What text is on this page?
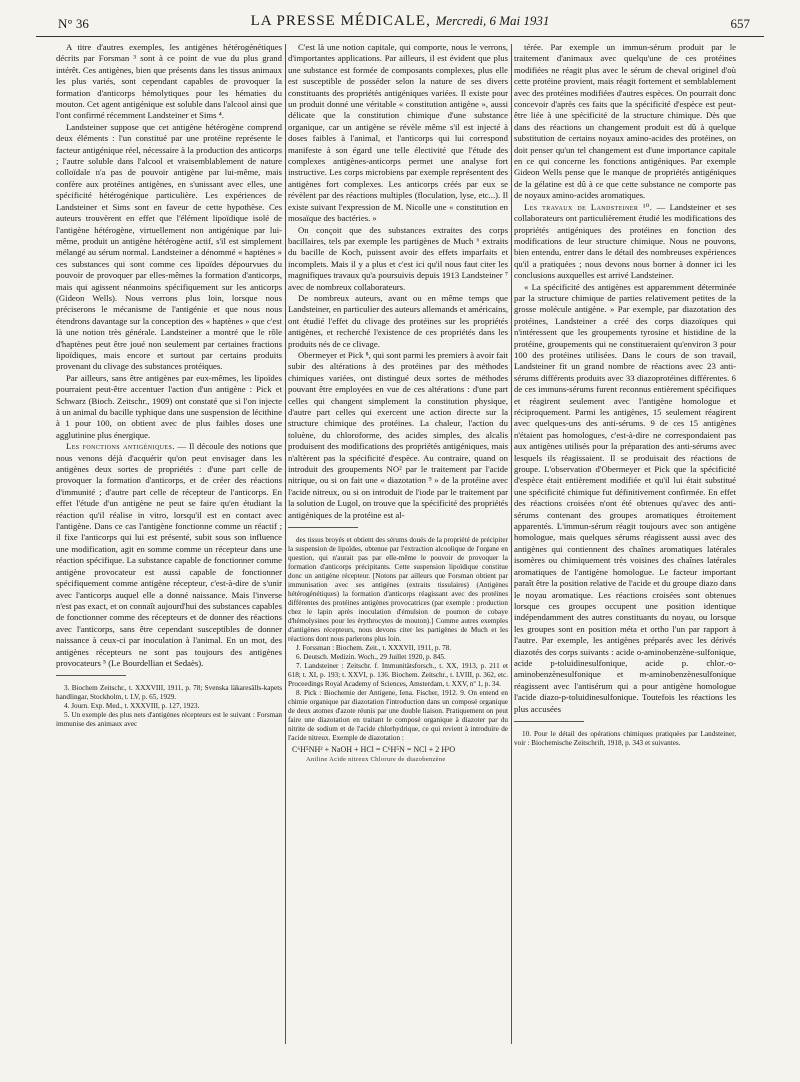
N° 36	LA PRESSE MÉDICALE, Mercredi, 6 Mai 1931	657

A titre d'autres exemples, les antigènes hétérogénétiques décrits par Forsman ³ sont à ce point de vue du plus grand intérêt. Ces antigènes, bien que présents dans les tissus animaux les plus variés, sont cependant capables de provoquer la formation d'anticorps hémolytiques pour les hématies du mouton. Cet agent antigénique est soluble dans l'alcool ainsi que l'ont confirmé récemment Landsteiner et Sims ⁴.

Landsteiner suppose que cet antigène hétérogène comprend deux éléments : l'un constitué par une protéine représente le facteur antigénique réel, nécessaire à la production des anticorps ; l'autre soluble dans l'alcool et vraisemblablement de nature colloïdale n'a pas de pouvoir antigène par lui-même, mais confère aux protéines antigènes, en s'unissant avec elles, une spécificité hétérogénique particulière. Les expériences de Landsteiner et Sims sont en faveur de cette hypothèse. Ces auteurs trouvèrent en effet que l'élément lipoïdique isolé de l'antigène hétérogène, virtuellement non antigénique par lui-même, produit un antigène hétérogène actif, s'il est simplement mélangé au sérum normal. Landsteiner a dénommé « haptènes » ces substances qui sont comme ces lipoïdes dépourvues du pouvoir de provoquer par elles-mêmes la formation d'anticorps, mais qui agissent néanmoins spécifiquement sur les anticorps (Gideon Wells). Nous verrons plus loin, lorsque nous préciserons le mécanisme de l'antigénie et que nous nous étendrons davantage sur la conception des « haptènes » que c'est là une notion très générale. Landsteiner a montré que le rôle d'haptènes peut être joué non seulement par certaines fractions lipoïdiques, mais encore et surtout par certains produits provenant du clivage des substances protéiques.

Par ailleurs, sans être antigènes par eux-mêmes, les lipoïdes pourraient peut-être accentuer l'action d'un antigène : Pick et Schwarz (Bioch. Zeitschr., 1909) ont constaté que si l'on injecte à un animal du bacille typhique dans une suspension de lécithine à 1 pour 100, on obtient avec de plus faibles doses une agglutinine plus énergique.

Les fonctions antigéniques. — Il découle des notions que nous venons déjà d'acquérir qu'on peut envisager dans les antigènes deux sortes de propriétés : d'une part celle de provoquer la formation d'anticorps, et de créer des réactions d'immunité ; d'autre part celle de récepteur de l'anticorps. En effet l'étude d'un antigène ne peut se faire qu'en étudiant la réaction qu'il réalise in vitro, lorsqu'il est en contact avec l'antigène. Dans ce cas l'antigène fonctionne comme un réactif ; il fixe l'anticorps qui lui est présenté, subit sous son influence une modification, agit en somme comme un récepteur dans une réaction spécifique. La substance capable de fonctionner comme antigène provocateur est aussi capable de fonctionner spécifiquement comme antigène récepteur, c'est-à-dire de s'unir avec l'anticorps auquel elle a donné naissance. Mais l'inverse n'est pas exact, et on connaît aujourd'hui des substances capables de fonctionner comme des récepteurs et de donner des réactions avec l'anticorps, sans être cependant susceptibles de donner naissance à ceux-ci par inoculation à l'animal. En un mot, des antigènes récepteurs ne sont pas toujours des antigènes provocateurs ⁵ (Le Bourdellian et Sedaès).

3. Biochem Zeitschr., t. XXXVIII, 1911, p. 78; Svenska läkaresälls-kapets handlingar, Stockholm, t. LV, p. 65, 1929.

4. Journ. Exp. Med., t. XXXVIII, p. 127, 1923.

5. Un exemple des plus nets d'antigènes récepteurs est le suivant : Forsman immunise des animaux avec

C'est là une notion capitale, qui comporte, nous le verrons, d'importantes applications. Par ailleurs, il est évident que plus une substance est formée de composants complexes, plus elle est susceptible de posséder selon la nature de ses divers constituants des propriétés antigéniques variées. Il existe pour un produit donné une véritable « constitution antigène », aussi délicate que la constitution chimique d'une substance organique, car un antigène se révèle même s'il est injecté à doses faibles à l'animal, et l'anticorps qui lui correspond manifeste à son égard une telle électivité que l'étude des complexes antigènes-anticorps permet une analyse fort instructive. Les corps microbiens par exemple représentent des antigènes fort complexes. Les anticorps créés par eux se révèlent par des réactions multiples (floculation, lyse, etc...). Il existe suivant l'expression de M. Nicolle une « constitution en mosaïque des bactéries. »

On conçoit que des substances extraites des corps bacillaires, tels par exemple les partigènes de Much ⁶ extraits du bacille de Koch, puissent avoir des effets imparfaits et incomplets. Mais il y a plus et c'est ici qu'il nous faut citer les magnifiques travaux qu'a poursuivis depuis 1913 Landsteiner ⁷ avec de nombreux collaborateurs.

De nombreux auteurs, avant ou en même temps que Landsteiner, en particulier des auteurs allemands et américains, ont étudié l'effet du clivage des protéines sur les propriétés antigènes, et recherché l'existence de ces propriétés dans les produits nés de ce clivage.

Obermeyer et Pick ⁸, qui sont parmi les premiers à avoir fait subir des altérations à des protéines par des méthodes chimiques variées, ont distingué deux sortes de méthodes pouvant être employées en vue de ces altérations : d'une part celles qui changent simplement la constitution physique, d'autre part celles qui exercent une action directe sur la structure chimique des protéines. La chaleur, l'action du toluène, du chloroforme, des acides simples, des alcalis produisent des modifications des propriétés antigéniques, mais n'altèrent pas la spécificité d'espèce. Au contraire, quand on introduit des groupements NO² par le traitement par l'acide nitrique, ou si on fait une « diazotation ⁹ » de la protéine avec l'acide nitreux, ou si on introduit de l'iode par le traitement par la solution de Lugol, on trouve que la spécificité des propriétés antigéniques de la protéine est al-

des tissus broyés et obtient des sérums doués de la propriété de précipiter la suspension de lipoïdes, obtenue par l'extraction alcoolique de l'organe en question, qui n'aurait pas par elle-même le pouvoir de provoquer la formation d'anticorps précipitants. Cette suspension lipoïdique constitue donc un antigène récepteur. [Notons par ailleurs que Forsman obtient par immunisation avec ses antigènes (extraits tissulaires) (Antigènes hétérogénétiques) la formation d'anticorps réagissant avec des protéines différentes des protéines antigènes provocatrices (par exemple : production chez le lapin après inoculation d'émulsion de poumon de cobaye d'hémolysines pour les érythrocytes de mouton).] Comme autres exemples d'antigènes récepteurs, nous devons citer les partigènes de Much et les réactions dont nous parlerons plus loin.

J. Forssman : Biochem. Zeit., t. XXXVII, 1911, p. 78.

6. Deutsch. Medizin. Woch., 29 Juillet 1920, p. 845.

7. Landsteiner : Zeitschr. f. Immunitätsforsch., t. XX, 1913, p. 211 et 618; t. XI, p. 193; t. XXVI, p. 136. Biochem. Zeitschr., t. LVIII, p. 362, etc. Proceedings Royal Academy of Sciences, Amsterdam, t. XXV, nº 1, p. 34.

8. Pick : Biochemie der Antigene, Iena. Fischer, 1912. 9. On entend en chimie organique par diazotation l'introduction dans un composé organique de deux atomes d'azote réunis par une double liaison. Pratiquement on peut faire une diazotation en traitant le composé organique à diazoter par du nitrite de sodium et de l'acide chlorhydrique, ce qui revient à introduire de l'acide nitreux. Exemple de diazotation :

C⁶H⁵NH² + NaOH + HCl = C⁶H⁵N = NCl + 2 H²O
Aniline Acide nitreux Chlorure de diazobenzène

térée. Par exemple un immun-sérum produit par le traitement d'animaux avec quelqu'une de ces protéines modifiées ne réagit plus avec le sérum de cheval originel d'où cette protéine provient, mais réagit fortement et semblablement avec des protéines modifiées d'autres espèces. On pourrait donc concevoir d'après ces faits que la spécificité d'espèce est peut-être liée à une spécificité de la structure chimique. Dès que dans des réactions un changement produit est dû à quelque substitution de certains noyaux amino-acides des protéines, on doit penser qu'un tel changement est d'une importance capitale en ce qui concerne les fonctions antigéniques. Par exemple Gideon Wells pense que le manque de propriétés antigéniques de la gélatine est dû à ce que cette substance ne comporte pas de noyaux amino-acides aromatiques.

Les travaux de Landsteiner ¹⁰. — Landsteiner et ses collaborateurs ont particulièrement étudié les modifications des propriétés antigéniques des protéines en fonction des modifications de leur structure chimique. Nous ne pouvons, bien entendu, entrer dans le détail des nombreuses expériences qu'il a pratiquées ; nous devons nous borner à donner ici les conclusions auxquelles est arrivé Landsteiner.

« La spécificité des antigènes est apparemment déterminée par la structure chimique de parties relativement petites de la grosse molécule antigène. » Par exemple, par diazotation des protéines, Landsteiner a créé des corps diazoïques qui n'intéressent que les groupements tyrosine et histidine de la protéine, groupements qui ne constitueraient qu'environ 3 pour 100 des protéines utilisées. Dans le cours de son travail, Landsteiner fit un grand nombre de réactions avec 23 anti-sérums différents produits avec 33 diazoprotéines différentes. 6 de ces immuns-sérums furent reconnus entièrement spécifiques et réagirent seulement avec l'antigène homologue et réciproquement. Parmi les antigènes, 15 seulement réagirent avec quelques-uns des anti-sérums. 9 de ces 15 antigènes n'étaient pas homologues, c'est-à-dire ne correspondaient pas aux antigènes utilisés pour la préparation des anti-sérums avec lesquels ils réagissaient. Il se produisait des réactions de groupe. L'observation d'Obermeyer et Pick que la spécificité d'espèce était entièrement modifiée et qu'il lui était substitué une spécificité chimique fut définitivement confirmée. En effet des réactions croisées n'ont été obtenues qu'avec des anti-sérums contenant des groupes aromatiques étroitement apparentés. L'immun-sérum réagit toujours avec son antigène homologue, mais quelques sérums réagissent aussi avec des antigènes qui contiennent des chaînes aromatiques latérales isomères ou chimiquement très voisines des chaînes latérales aromatiques de l'antigène homologue. Le facteur important paraît être la position relative de l'acide et du groupe diazo dans le noyau aromatique. Les réactions croisées sont obtenues lorsque ces groupes occupent une position identique indépendamment des autres constituants du noyau, ou lorsque les groupes sont en position méta et ortho l'un par rapport à l'autre. Par exemple, les antigènes préparés avec les dérivés diazotés des corps suivants : acide o-aminobenzène-sulfonique, acide p-toluidinesulfonique, acide p. chlor.-o-aminobenzènesulfonique et m-aminobenzènesulfonique réagissent avec l'antisérum qui a pour antigène homologue l'acide diazo-p-toluidinesulfonique. Toutefois les réactions les plus accusées

10. Pour le détail des opérations chimiques pratiquées par Landsteiner, voir : Biochemische Zeitschrift, 1918, p. 343 et suivantes.
